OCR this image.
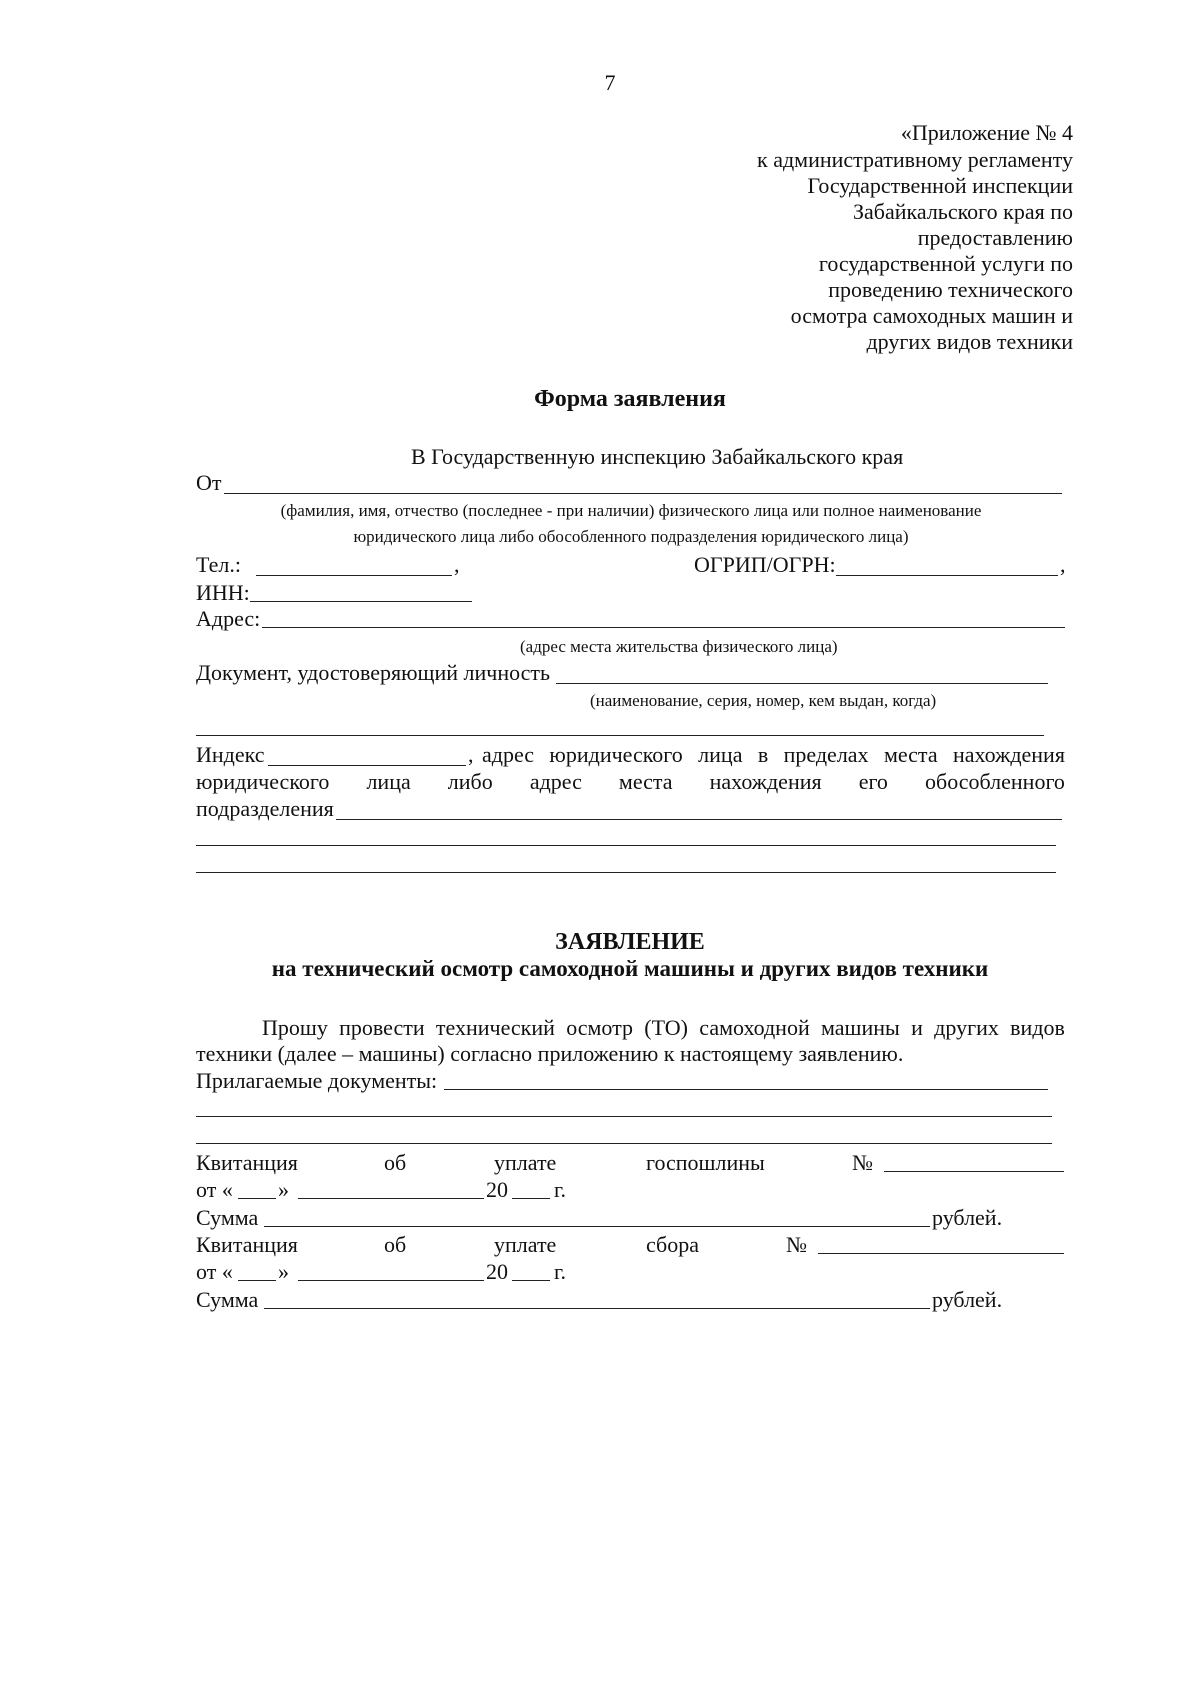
7
«Приложение № 4
к административному регламенту
Государственной инспекции
Забайкальского края по
предоставлению
государственной услуги по
проведению технического
осмотра самоходных машин и
других видов техники
Форма заявления
В Государственную инспекцию Забайкальского края
От
(фамилия, имя, отчество (последнее - при наличии) физического лица или полное наименование
юридического лица либо обособленного подразделения юридического лица)
Тел.:	,	ОГРИП/ОГРН:	,
ИНН:
Адрес:
(адрес места жительства физического лица)
Документ, удостоверяющий личность
(наименование, серия, номер, кем выдан, когда)
Индекс	, адрес юридического лица в пределах места нахождения
юридического лица либо адрес места нахождения его обособленного
подразделения
ЗАЯВЛЕНИЕ
на технический осмотр самоходной машины и других видов техники
Прошу провести технический осмотр (ТО) самоходной машины и других видов
техники (далее – машины) согласно приложению к настоящему заявлению.
Прилагаемые документы:
Квитанция	об	уплате	госпошлины	№
от « »	20 г.
Сумма	рублей.
Квитанция	об	уплате	сбора	№
от « »	20 г.
Сумма	рублей.
